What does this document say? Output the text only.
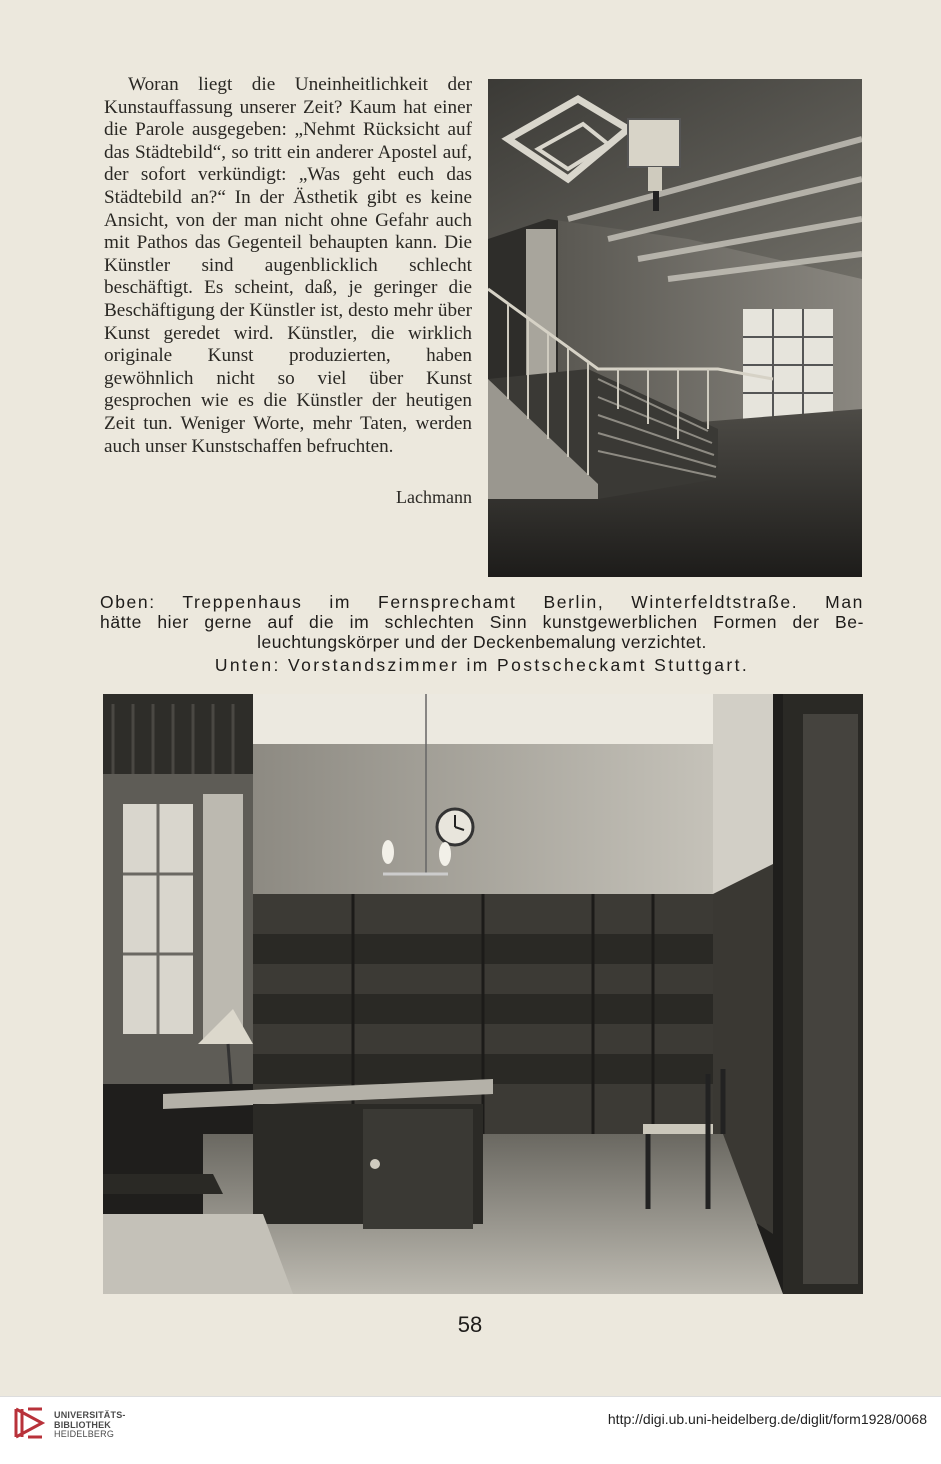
Woran liegt die Uneinheitlichkeit der Kunstauffassung unserer Zeit? Kaum hat einer die Parole ausgegeben: „Nehmt Rücksicht auf das Städtebild“, so tritt ein anderer Apostel auf, der sofort verkündigt: „Was geht euch das Städtebild an?“ In der Ästhetik gibt es keine Ansicht, von der man nicht ohne Gefahr auch mit Pathos das Gegenteil behaupten kann. Die Künstler sind augenblicklich schlecht beschäftigt. Es scheint, daß, je geringer die Beschäftigung der Künstler ist, desto mehr über Kunst geredet wird. Künstler, die wirklich originale Kunst produzierten, haben gewöhnlich nicht so viel über Kunst gesprochen wie es die Künstler der heutigen Zeit tun. Weniger Worte, mehr Taten, werden auch unser Kunstschaffen befruchten.

Lachmann
Oben: Treppenhaus im Fernsprechamt Berlin, Winterfeldtstraße. Man
hätte hier gerne auf die im schlechten Sinn kunstgewerblichen Formen der Be-
leuchtungskörper und der Deckenbemalung verzichtet.
Unten: Vorstandszimmer im Postscheckamt Stuttgart.
58
UNIVERSITÄTS-
BIBLIOTHEK
HEIDELBERG
http://digi.ub.uni-heidelberg.de/diglit/form1928/0068
